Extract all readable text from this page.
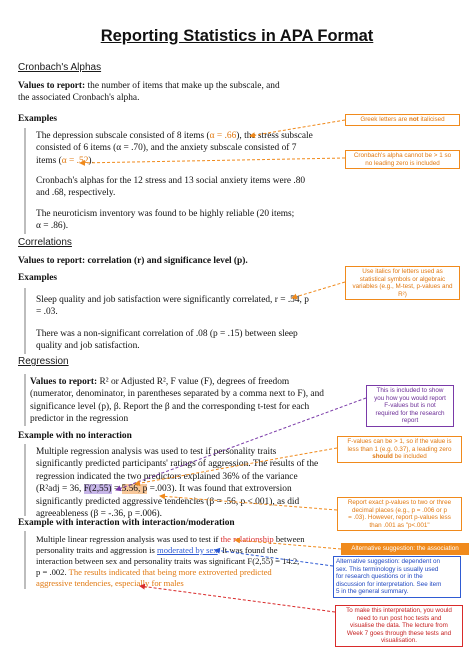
Reporting Statistics in APA Format
Cronbach's Alphas
Values to report: the number of items that make up the subscale, and
the associated Cronbach's alpha.
Examples
The depression subscale consisted of 8 items (α = .66), the stress subscale
consisted of 6 items (α = .70), and the anxiety subscale consisted of 7
items (α = .52).
Cronbach's alphas for the 12 stress and 13 social anxiety items were .80
and .68, respectively.
The neuroticism inventory was found to be highly reliable (20 items;
α = .86).
Correlations
Values to report: correlation (r) and significance level (p).
Examples
Sleep quality and job satisfaction were significantly correlated, r = .54, p
= .03.
There was a non-significant correlation of .08 (p = .15) between sleep
quality and job satisfaction.
Regression
Values to report: R² or Adjusted R², F value (F), degrees of freedom
(numerator, denominator, in parentheses separated by a comma next to F), and
significance level (p), β. Report the β and the corresponding t-test for each
predictor in the regression
Example with no interaction
Multiple regression analysis was used to test if personality traits
significantly predicted participants' ratings of aggression. The results of the
regression indicated the two predictors explained 36% of the variance
(R²adj = 36, F(2,55) = 5.56, p =.003). It was found that extroversion
significantly predicted aggressive tendencies (β = .56, p <.001), as did
agreeableness (β = -.36, p =.006).
Example with interaction with interaction/moderation
Multiple linear regression analysis was used to test if the relationship between
personality traits and aggression is moderated by sex. It was found the
interaction between sex and personality traits was significant F(2,55) = 14.2,
p = .002. The results indicated that being more extroverted predicted
aggressive tendencies, especially for males
Greek letters are not italicised
Cronbach's alpha cannot be > 1 so
no leading zero is included
Use italics for letters used as
statistical symbols or algebraic
variables (e.g., M-test, p-values and
R²)
This is included to show
you how you would report
F-values but is not
required for the research
report
F-values can be > 1, so if the value is
less than 1 (e.g. 0.37), a leading zero
should be included
Report exact p-values to two or three
decimal places (e.g., p = .006 or p
= .03). However, report p-values less
than .001 as "p<.001"
Alternative suggestion: the association
Alternative suggestion: dependent on
sex. This terminology is usually used
for research questions or in the
discussion for interpretation. See item
5 in the general summary.
To make this interpretation, you would
need to run post hoc tests and
visualise the data. The lecture from
Week 7 goes through these tests and
visualisation.
